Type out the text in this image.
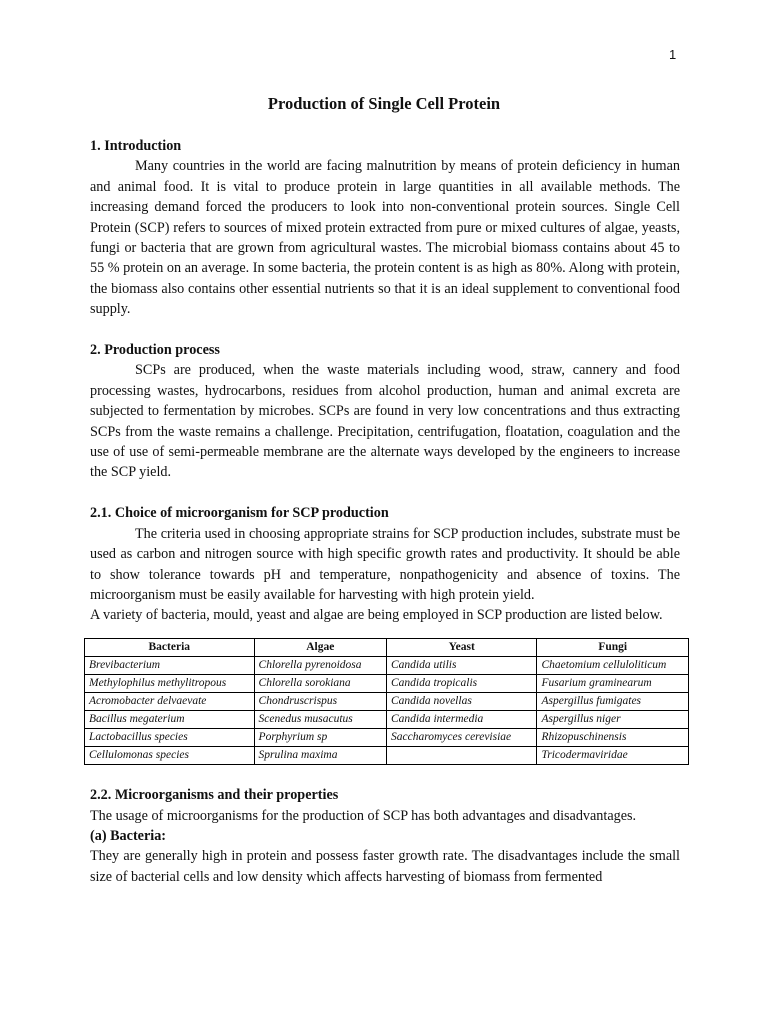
1
Production of Single Cell Protein
1. Introduction

Many countries in the world are facing malnutrition by means of protein deficiency in human and animal food. It is vital to produce protein in large quantities in all available methods. The increasing demand forced the producers to look into non-conventional protein sources. Single Cell Protein (SCP) refers to sources of mixed protein extracted from pure or mixed cultures of algae, yeasts, fungi or bacteria that are grown from agricultural wastes. The microbial biomass contains about 45 to 55 % protein on an average. In some bacteria, the protein content is as high as 80%. Along with protein, the biomass also contains other essential nutrients so that it is an ideal supplement to conventional food supply.

2. Production process

SCPs are produced, when the waste materials including wood, straw, cannery and food processing wastes, hydrocarbons, residues from alcohol production, human and animal excreta are subjected to fermentation by microbes. SCPs are found in very low concentrations and thus extracting SCPs from the waste remains a challenge. Precipitation, centrifugation, floatation, coagulation and the use of use of semi-permeable membrane are the alternate ways developed by the engineers to increase the SCP yield.

2.1. Choice of microorganism for SCP production

The criteria used in choosing appropriate strains for SCP production includes, substrate must be used as carbon and nitrogen source with high specific growth rates and productivity. It should be able to show tolerance towards pH and temperature, nonpathogenicity and absence of toxins. The microorganism must be easily available for harvesting with high protein yield.

A variety of bacteria, mould, yeast and algae are being employed in SCP production are listed below.

Bacteria	Algae	Yeast	Fungi
Brevibacterium	Chlorella pyrenoidosa	Candida utilis	Chaetomium celluloliticum
Methylophilus methylitropous	Chlorella sorokiana	Candida tropicalis	Fusarium graminearum
Acromobacter delvaevate	Chondruscrispus	Candida novellas	Aspergillus fumigates
Bacillus megaterium	Scenedus musacutus	Candida intermedia	Aspergillus niger
Lactobacillus species	Porphyrium sp	Saccharomyces cerevisiae	Rhizopuschinensis
Cellulomonas species	Sprulina maxima		Tricodermaviridae
2.2. Microorganisms and their properties

The usage of microorganisms for the production of SCP has both advantages and disadvantages.

(a) Bacteria:

They are generally high in protein and possess faster growth rate. The disadvantages include the small size of bacterial cells and low density which affects harvesting of biomass from fermented
